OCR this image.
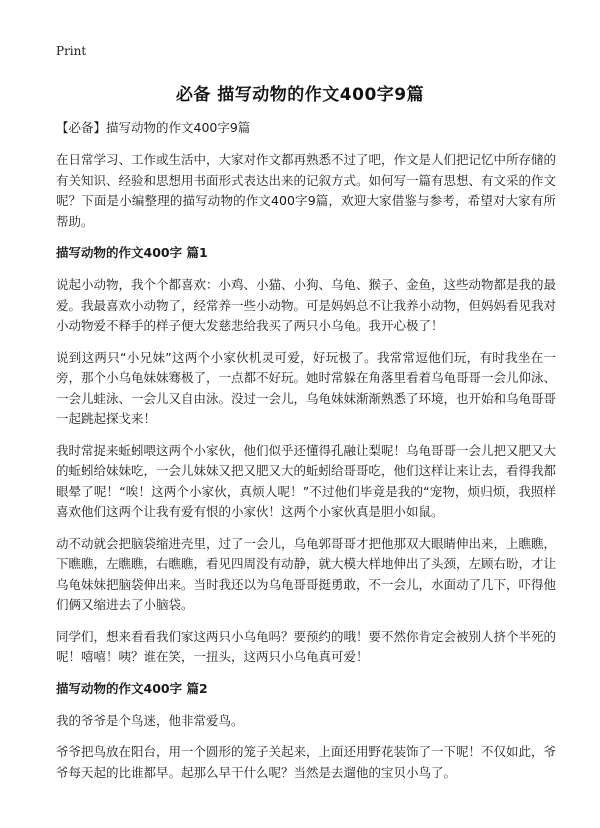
Print
必备 描写动物的作文400字9篇

【必备】描写动物的作文400字9篇

在日常学习、工作或生活中，大家对作文都再熟悉不过了吧，作文是人们把记忆中所存储的有关知识、经验和思想用书面形式表达出来的记叙方式。如何写一篇有思想、有文采的作文呢？下面是小编整理的描写动物的作文400字9篇，欢迎大家借鉴与参考，希望对大家有所帮助。

描写动物的作文400字 篇1

说起小动物，我个个都喜欢：小鸡、小猫、小狗、乌龟、猴子、金鱼，这些动物都是我的最爱。我最喜欢小动物了，经常养一些小动物。可是妈妈总不让我养小动物，但妈妈看见我对小动物爱不释手的样子便大发慈悲给我买了两只小乌龟。我开心极了！

说到这两只“小兄妹”这两个小家伙机灵可爱，好玩极了。我常常逗他们玩，有时我坐在一旁，那个小乌龟妹妹骞极了，一点都不好玩。她时常躲在角落里看着乌龟哥哥一会儿仰泳、一会儿蛙泳、一会儿又自由泳。没过一会儿，乌龟妹妹渐渐熟悉了环境，也开始和乌龟哥哥一起跳起探戈来！

我时常捉来蚯蚓喂这两个小家伙，他们似乎还懂得孔融让梨呢！乌龟哥哥一会儿把又肥又大的蚯蚓给妹妹吃，一会儿妹妹又把又肥又大的蚯蚓给哥哥吃，他们这样让来让去，看得我都眼晕了呢！“唉！这两个小家伙，真烦人呢！”不过他们毕竟是我的“宠物，烦归烦，我照样喜欢他们这两个让我有爱有恨的小家伙！这两个小家伙真是胆小如鼠。

动不动就会把脑袋缩进壳里，过了一会儿，乌龟郭哥哥才把他那双大眼睛伸出来，上瞧瞧，下瞧瞧，左瞧瞧，右瞧瞧，看见四周没有动静，就大模大样地伸出了头颈，左顾右盼，才让乌龟妹妹把脑袋伸出来。当时我还以为乌龟哥哥挺勇敢，不一会儿，水面动了几下，吓得他们俩又缩进去了小脑袋。

同学们，想来看看我们家这两只小乌龟吗？要预约的哦！要不然你肯定会被别人挤个半死的呢！嘻嘻！咦？谁在笑，一扭头，这两只小乌龟真可爱！

描写动物的作文400字 篇2

我的爷爷是个鸟迷，他非常爱鸟。

爷爷把鸟放在阳台，用一个圆形的笼子关起来，上面还用野花装饰了一下呢！不仅如此，爷爷每天起的比谁都早。起那么早干什么呢？当然是去遛他的宝贝小鸟了。
